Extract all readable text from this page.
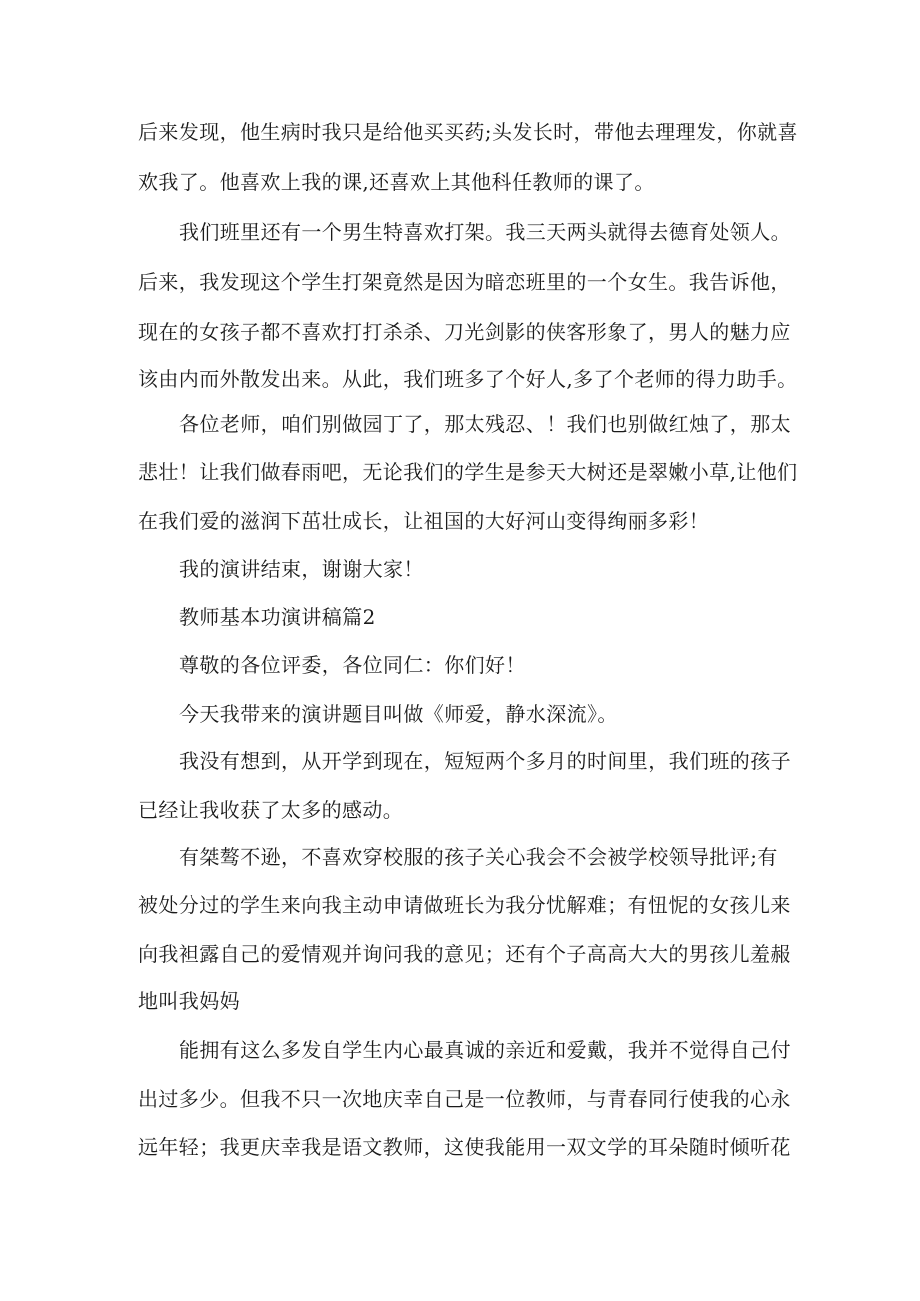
后来发现，他生病时我只是给他买买药;头发长时，带他去理理发，你就喜
欢我了。他喜欢上我的课,还喜欢上其他科任教师的课了。
我们班里还有一个男生特喜欢打架。我三天两头就得去德育处领人。
后来，我发现这个学生打架竟然是因为暗恋班里的一个女生。我告诉他，
现在的女孩子都不喜欢打打杀杀、刀光剑影的侠客形象了，男人的魅力应
该由内而外散发出来。从此，我们班多了个好人,多了个老师的得力助手。
各位老师，咱们别做园丁了，那太残忍、！我们也别做红烛了，那太
悲壮！让我们做春雨吧，无论我们的学生是参天大树还是翠嫩小草,让他们
在我们爱的滋润下茁壮成长，让祖国的大好河山变得绚丽多彩！
我的演讲结束，谢谢大家！
教师基本功演讲稿篇2
尊敬的各位评委，各位同仁：你们好！
今天我带来的演讲题目叫做《师爱，静水深流》。
我没有想到，从开学到现在，短短两个多月的时间里，我们班的孩子
已经让我收获了太多的感动。
有桀骜不逊，不喜欢穿校服的孩子关心我会不会被学校领导批评;有
被处分过的学生来向我主动申请做班长为我分忧解难；有忸怩的女孩儿来
向我袒露自己的爱情观并询问我的意见；还有个子高高大大的男孩儿羞赧
地叫我妈妈
能拥有这么多发自学生内心最真诚的亲近和爱戴，我并不觉得自己付
出过多少。但我不只一次地庆幸自己是一位教师，与青春同行使我的心永
远年轻；我更庆幸我是语文教师，这使我能用一双文学的耳朵随时倾听花
